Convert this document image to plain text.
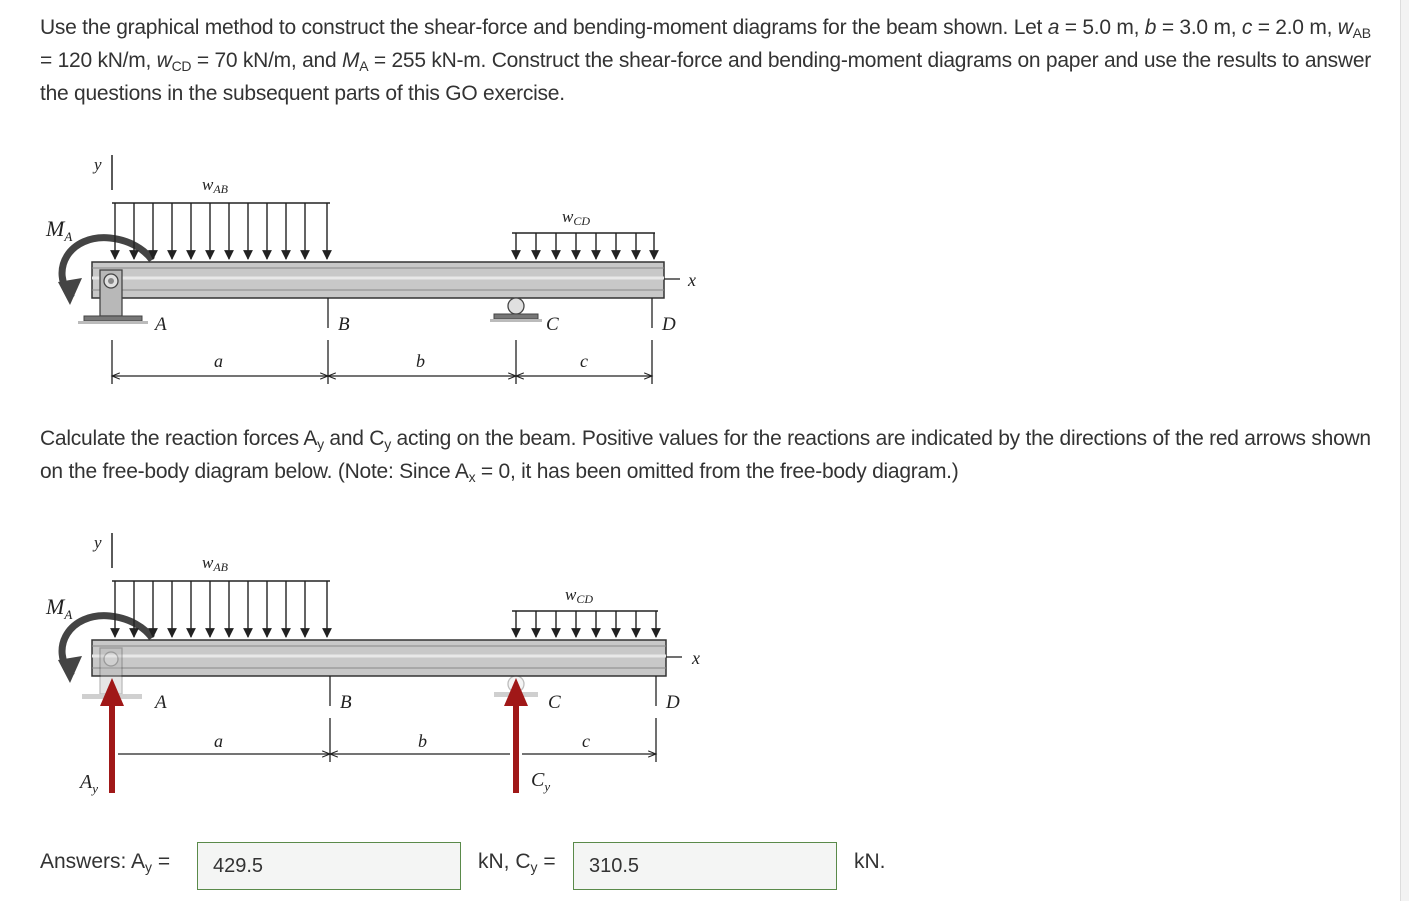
Use the graphical method to construct the shear-force and bending-moment diagrams for the beam shown. Let a = 5.0 m, b = 3.0 m, c = 2.0 m, $w_{AB} = 120$ kN/m, $w_{CD} = 70$ kN/m, and $M_A = 255$ kN-m. Construct the shear-force and bending-moment diagrams on paper and use the results to answer the questions in the subsequent parts of this GO exercise.
y
$M_A$
wAB
wCD
x
A	B	C	D
a	b	c
Calculate the reaction forces $A_y$ and $C_y$ acting on the beam. Positive values for the reactions are indicated by the directions of the red arrows shown on the free-body diagram below. (Note: Since $A_x = 0$, it has been omitted from the free-body diagram.)
y
$M_A$
wAB
wCD
x
A	B	C	D
a	b	c
$A_y$	$C_y$
Answers: $A_y$ =
429.5	kN, $C_y$ =
310.5	kN.
